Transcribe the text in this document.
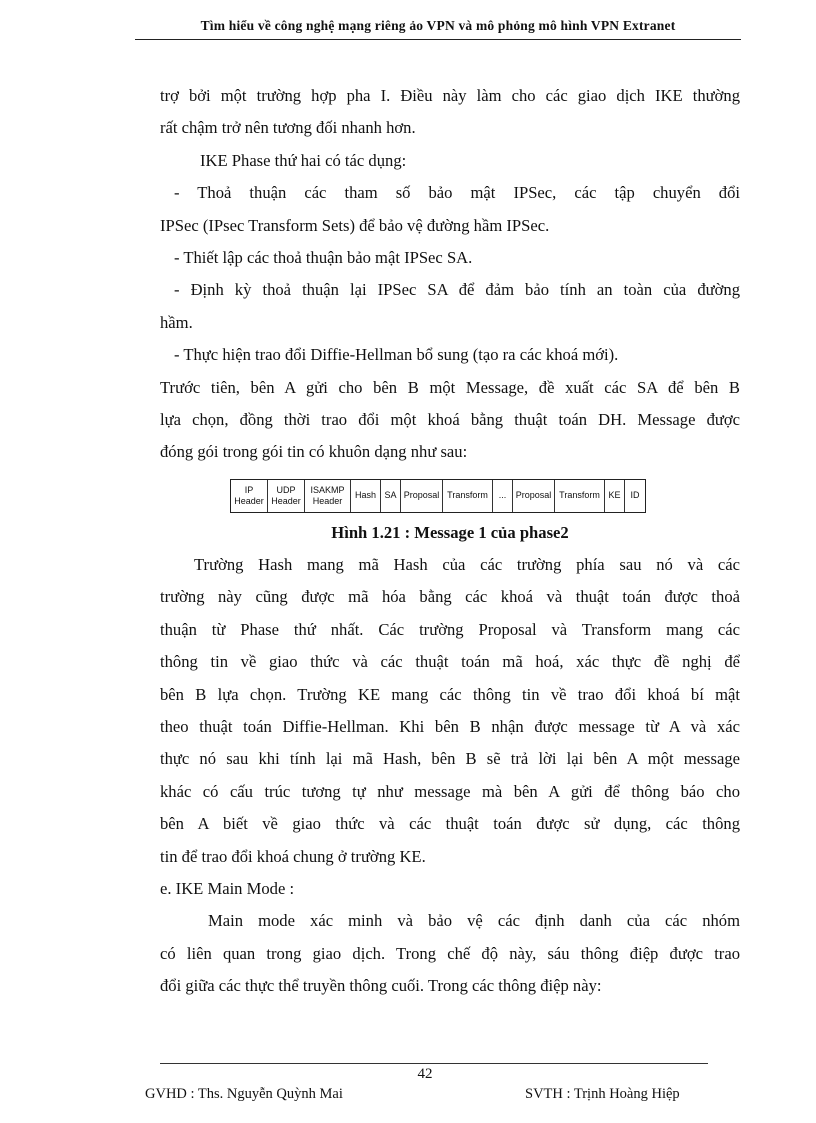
Tìm hiểu về công nghệ mạng riêng ảo VPN và mô phỏng mô hình VPN Extranet
trợ bởi một trường hợp pha I. Điều này làm cho các giao dịch IKE thường
rất chậm trở nên tương đối nhanh hơn.
IKE Phase thứ hai có tác dụng:
- Thoả thuận các tham số bảo mật IPSec, các tập chuyển đổi
IPSec (IPsec Transform Sets) để bảo vệ đường hầm IPSec.
- Thiết lập các thoả thuận bảo mật IPSec SA.
- Định kỳ thoả thuận lại IPSec SA để đảm bảo tính an toàn của đường
hầm.
- Thực hiện trao đổi Diffie-Hellman bổ sung (tạo ra các khoá mới).
Trước tiên, bên A gửi cho bên B một Message, đề xuất các SA để bên B
lựa chọn, đồng thời trao đổi một khoá bằng thuật toán DH. Message được
đóng gói trong gói tin có khuôn dạng như sau:
IP Header
UDP Header
ISAKMP Header
Hash SA Proposal Transform	...	Proposal Transform KE	ID
Hình 1.21 : Message 1 của phase2
Trường Hash mang mã Hash của các trường phía sau nó và các
trường này cũng được mã hóa bằng các khoá và thuật toán được thoả
thuận từ Phase thứ nhất. Các trường Proposal và Transform mang các
thông tin về giao thức và các thuật toán mã hoá, xác thực đề nghị để
bên B lựa chọn. Trường KE mang các thông tin về trao đổi khoá bí mật
theo thuật toán Diffie-Hellman. Khi bên B nhận được message từ A và xác
thực nó sau khi tính lại mã Hash, bên B sẽ trả lời lại bên A một message
khác có cấu trúc tương tự như message mà bên A gửi để thông báo cho
bên A biết về giao thức và các thuật toán được sử dụng, các thông
tin để trao đổi khoá chung ở trường KE.
e. IKE Main Mode :
Main mode xác minh và bảo vệ các định danh của các nhóm
có liên quan trong giao dịch. Trong chế độ này, sáu thông điệp được trao
đổi giữa các thực thể truyền thông cuối. Trong các thông điệp này:
42
GVHD : Ths. Nguyễn Quỳnh Mai	SVTH : Trịnh Hoàng Hiệp
